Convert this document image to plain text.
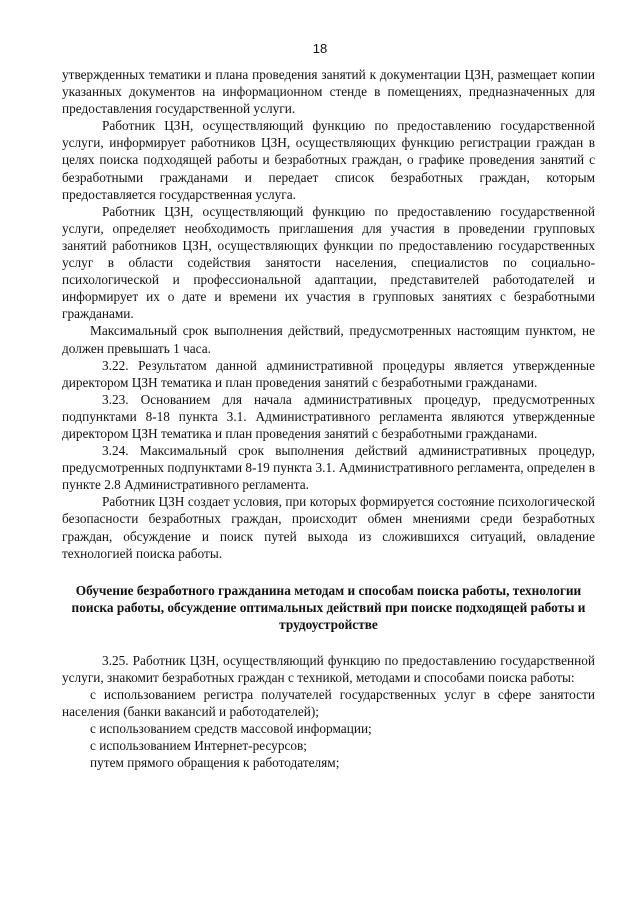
18

утвержденных тематики и плана проведения занятий к документации ЦЗН, размещает копии указанных документов на информационном стенде в помещениях, предназначенных для предоставления государственной услуги.

Работник ЦЗН, осуществляющий функцию по предоставлению государственной услуги, информирует работников ЦЗН, осуществляющих функцию регистрации граждан в целях поиска подходящей работы и безработных граждан, о графике проведения занятий с безработными гражданами и передает список безработных граждан, которым предоставляется государственная услуга.

Работник ЦЗН, осуществляющий функцию по предоставлению государственной услуги, определяет необходимость приглашения для участия в проведении групповых занятий работников ЦЗН, осуществляющих функции по предоставлению государственных услуг в области содействия занятости населения, специалистов по социально-психологической и профессиональной адаптации, представителей работодателей и информирует их о дате и времени их участия в групповых занятиях с безработными гражданами.

Максимальный срок выполнения действий, предусмотренных настоящим пунктом, не должен превышать 1 часа.

3.22. Результатом данной административной процедуры является утвержденные директором ЦЗН тематика и план проведения занятий с безработными гражданами.

3.23. Основанием для начала административных процедур, предусмотренных подпунктами 8-18 пункта 3.1. Административного регламента являются утвержденные директором ЦЗН тематика и план проведения занятий с безработными гражданами.

3.24. Максимальный срок выполнения действий административных процедур, предусмотренных подпунктами 8-19 пункта 3.1. Административного регламента, определен в пункте 2.8 Административного регламента.

Работник ЦЗН создает условия, при которых формируется состояние психологической безопасности безработных граждан, происходит обмен мнениями среди безработных граждан, обсуждение и поиск путей выхода из сложившихся ситуаций, овладение технологией поиска работы.

Обучение безработного гражданина методам и способам поиска работы, технологии поиска работы, обсуждение оптимальных действий при поиске подходящей работы и трудоустройстве

3.25. Работник ЦЗН, осуществляющий функцию по предоставлению государственной услуги, знакомит безработных граждан с техникой, методами и способами поиска работы:

с использованием регистра получателей государственных услуг в сфере занятости населения (банки вакансий и работодателей);

с использованием средств массовой информации;

с использованием Интернет-ресурсов;

путем прямого обращения к работодателям;
